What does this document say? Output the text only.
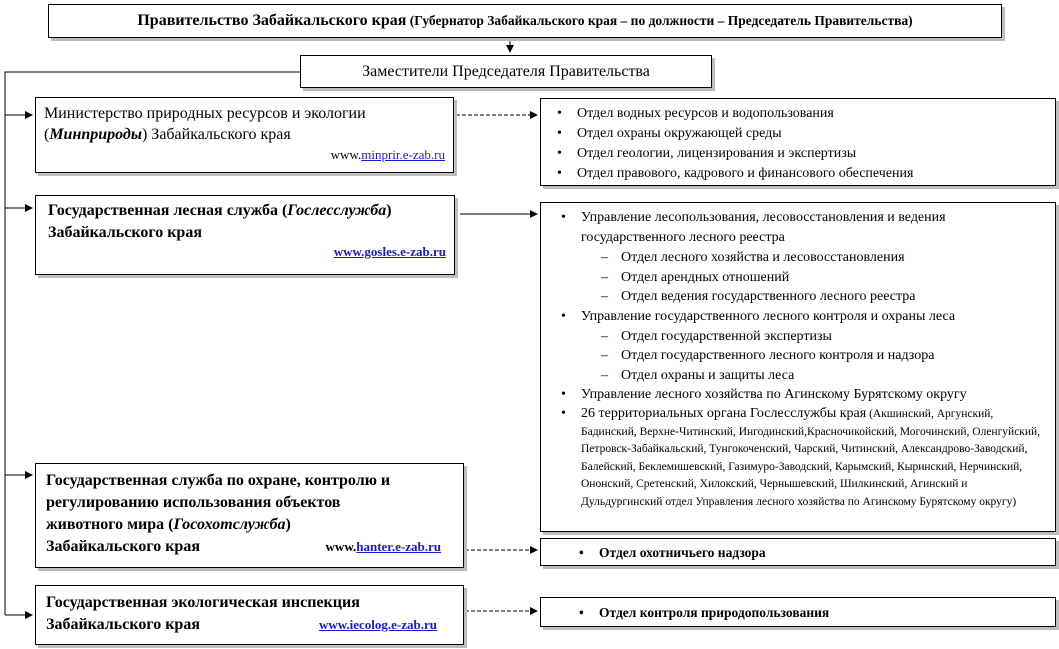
Правительство Забайкальского края (Губернатор Забайкальского края – по должности – Председатель Правительства)
Заместители Председателя Правительства
Министерство природных ресурсов и экологии (Минприроды) Забайкальского края
www.minprir.e-zab.ru
• Отдел водных ресурсов и водопользования
• Отдел охраны окружающей среды
• Отдел геологии, лицензирования и экспертизы
• Отдел правового, кадрового и финансового обеспечения
Государственная лесная служба (Гослесслужба)
Забайкальского края
www.gosles.e-zab.ru
• Управление лесопользования, лесовосстановления и ведения государственного лесного реестра
– Отдел лесного хозяйства и лесовосстановления
– Отдел арендных отношений
– Отдел ведения государственного лесного реестра
• Управление государственного лесного контроля и охраны леса
– Отдел государственной экспертизы
– Отдел государственного лесного контроля и надзора
– Отдел охраны и защиты леса
• Управление лесного хозяйства по Агинскому Бурятскому округу
• 26 территориальных органа Гослесслужбы края (Акшинский, Аргунский, Бадинский, Верхне-Читинский, Ингодинский,Красночикойский, Могочинский, Оленгуйский, Петровск-Забайкальский, Тунгокоченский, Чарский, Читинский, Александрово-Заводский, Балейский, Беклемишевский, Газимуро-Заводский, Карымский, Кыринский, Нерчинский, Ононский, Сретенский, Хилокский, Чернышевский, Шилкинский, Агинский и Дульдургинский отдел Управления лесного хозяйства по Агинскому Бурятскому округу)
Государственная служба по охране, контролю и
регулированию использования объектов
животного мира (Госохотслужба)
Забайкальского края	www.hanter.e-zab.ru
•	Отдел охотничьего надзора
Государственная экологическая инспекция
Забайкальского края	www.iecolog.e-zab.ru
• Отдел контроля природопользования
